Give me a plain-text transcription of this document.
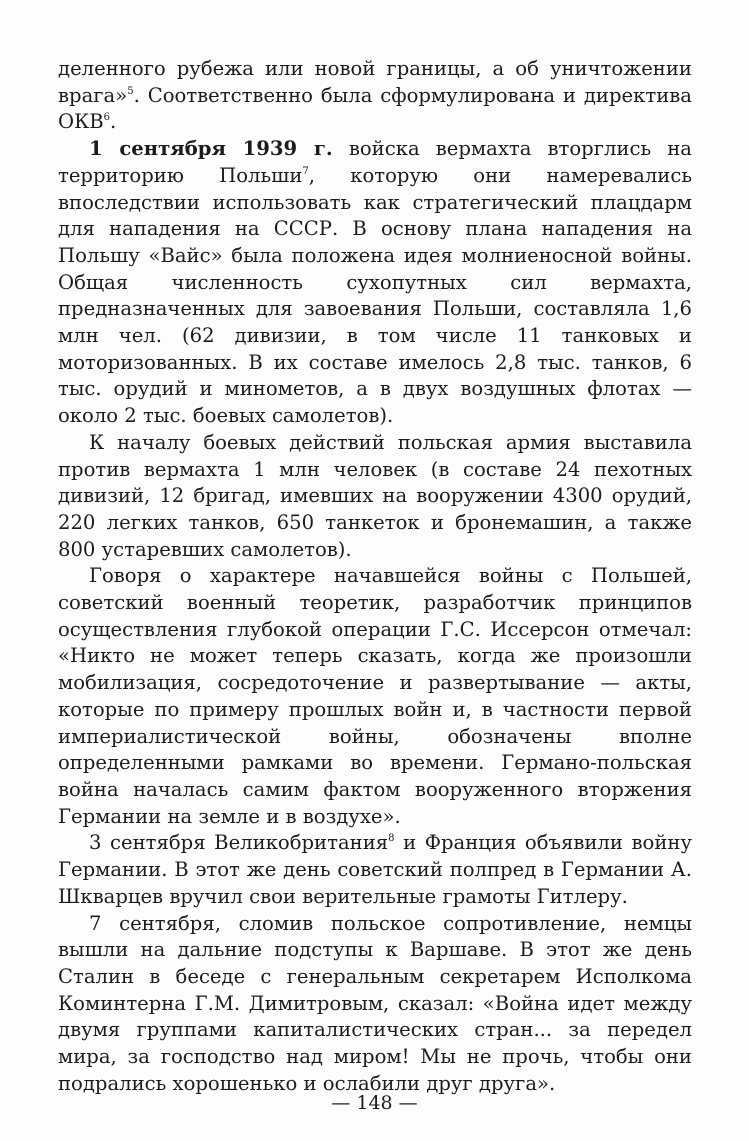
деленного рубежа или новой границы, а об уничтожении врага»$^5$. Соответственно была сформулирована и директива ОКВ$^6$.

1 сентября 1939 г. войска вермахта вторглись на территорию Польши$^7$, которую они намеревались впоследствии использовать как стратегический плацдарм для нападения на СССР. В основу плана нападения на Польшу «Вайс» была положена идея молниеносной войны. Общая численность сухопутных сил вермахта, предназначенных для завоевания Польши, составляла 1,6 млн чел. (62 дивизии, в том числе 11 танковых и моторизованных. В их составе имелось 2,8 тыс. танков, 6 тыс. орудий и минометов, а в двух воздушных флотах — около 2 тыс. боевых самолетов).

К началу боевых действий польская армия выставила против вермахта 1 млн человек (в составе 24 пехотных дивизий, 12 бригад, имевших на вооружении 4300 орудий, 220 легких танков, 650 танкеток и бронемашин, а также 800 устаревших самолетов).

Говоря о характере начавшейся войны с Польшей, советский военный теоретик, разработчик принципов осуществления глубокой операции Г.С. Иссерсон отмечал: «Никто не может теперь сказать, когда же произошли мобилизация, сосредоточение и развертывание — акты, которые по примеру прошлых войн и, в частности первой империалистической войны, обозначены вполне определенными рамками во времени. Германо-польская война началась самим фактом вооруженного вторжения Германии на земле и в воздухе».

3 сентября Великобритания$^8$ и Франция объявили войну Германии. В этот же день советский полпред в Германии А. Шкварцев вручил свои верительные грамоты Гитлеру.

7 сентября, сломив польское сопротивление, немцы вышли на дальние подступы к Варшаве. В этот же день Сталин в беседе с генеральным секретарем Исполкома Коминтерна Г.М. Димитровым, сказал: «Война идет между двумя группами капиталистических стран... за передел мира, за господство над миром! Мы не прочь, чтобы они подрались хорошенько и ослабили друг друга».

— 148 —
